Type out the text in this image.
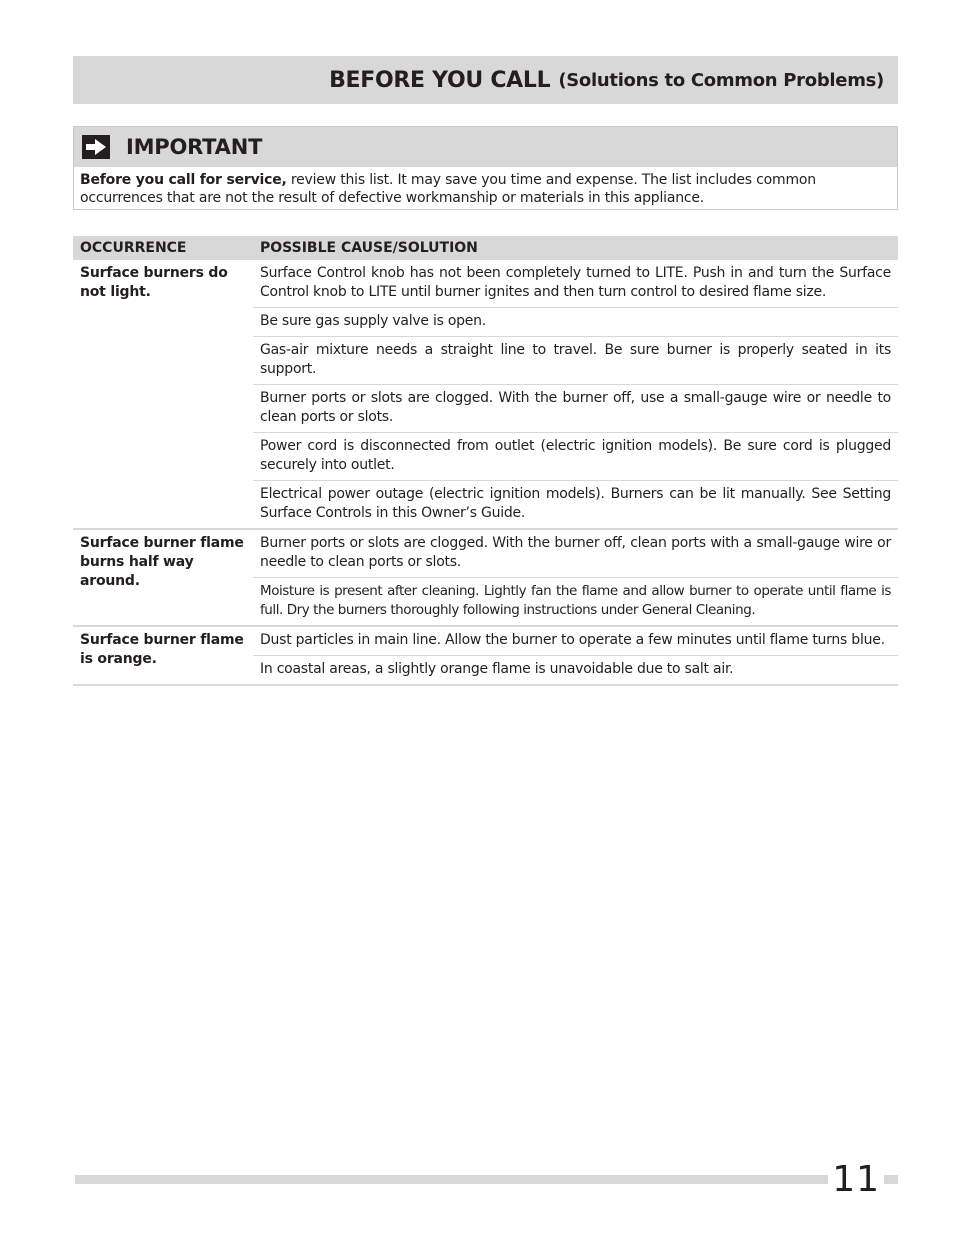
BEFORE YOU CALL (Solutions to Common Problems)
IMPORTANT
Before you call for service, review this list. It may save you time and expense. The list includes common occurrences that are not the result of defective workmanship or materials in this appliance.
OCCURRENCE	POSSIBLE CAUSE/SOLUTION
Surface burners do not light.
Surface Control knob has not been completely turned to LITE. Push in and turn the Surface Control knob to LITE until burner ignites and then turn control to desired flame size.
Be sure gas supply valve is open.
Gas-air mixture needs a straight line to travel. Be sure burner is properly seated in its support.
Burner ports or slots are clogged. With the burner off, use a small-gauge wire or needle to clean ports or slots.
Power cord is disconnected from outlet (electric ignition models). Be sure cord is plugged securely into outlet.
Electrical power outage (electric ignition models). Burners can be lit manually. See Setting Surface Controls in this Owner’s Guide.
Surface burner flame burns half way around.
Burner ports or slots are clogged. With the burner off, clean ports with a small-gauge wire or needle to clean ports or slots.
Moisture is present after cleaning. Lightly fan the flame and allow burner to operate until flame is full. Dry the burners thoroughly following instructions under General Cleaning.
Surface burner flame is orange.
Dust particles in main line. Allow the burner to operate a few minutes until flame turns blue.
In coastal areas, a slightly orange flame is unavoidable due to salt air.
11
